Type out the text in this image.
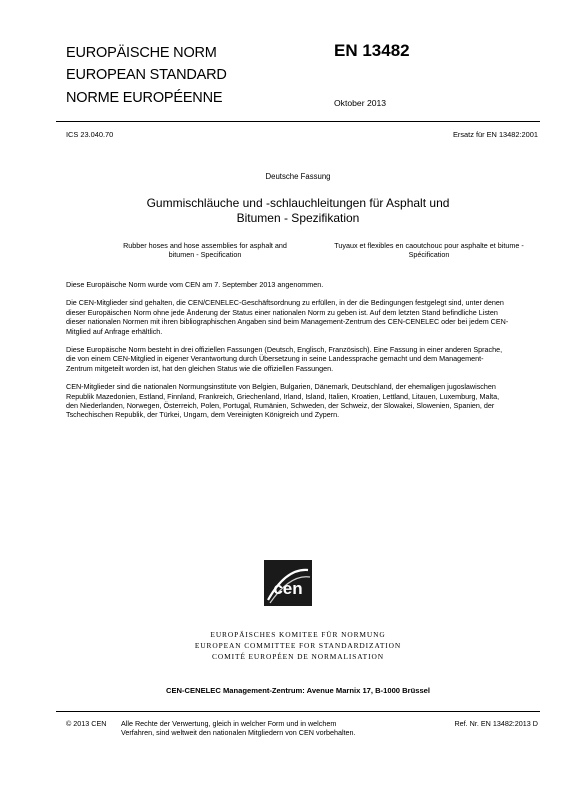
EUROPÄISCHE NORM
EUROPEAN STANDARD
NORME EUROPÉENNE
EN 13482
Oktober 2013
ICS 23.040.70	Ersatz für EN 13482:2001
Deutsche Fassung
Gummischläuche und -schlauchleitungen für Asphalt und
Bitumen - Spezifikation
Rubber hoses and hose assemblies for asphalt and
bitumen - Specification
Tuyaux et flexibles en caoutchouc pour asphalte et bitume -
Spécification
Diese Europäische Norm wurde vom CEN am 7. September 2013 angenommen.
Die CEN-Mitglieder sind gehalten, die CEN/CENELEC-Geschäftsordnung zu erfüllen, in der die Bedingungen festgelegt sind, unter denen
dieser Europäischen Norm ohne jede Änderung der Status einer nationalen Norm zu geben ist. Auf dem letzten Stand befindliche Listen
dieser nationalen Normen mit ihren bibliographischen Angaben sind beim Management-Zentrum des CEN-CENELEC oder bei jedem CEN-
Mitglied auf Anfrage erhältlich.
Diese Europäische Norm besteht in drei offiziellen Fassungen (Deutsch, Englisch, Französisch). Eine Fassung in einer anderen Sprache,
die von einem CEN-Mitglied in eigener Verantwortung durch Übersetzung in seine Landessprache gemacht und dem Management-
Zentrum mitgeteilt worden ist, hat den gleichen Status wie die offiziellen Fassungen.
CEN-Mitglieder sind die nationalen Normungsinstitute von Belgien, Bulgarien, Dänemark, Deutschland, der ehemaligen jugoslawischen
Republik Mazedonien, Estland, Finnland, Frankreich, Griechenland, Irland, Island, Italien, Kroatien, Lettland, Litauen, Luxemburg, Malta,
den Niederlanden, Norwegen, Österreich, Polen, Portugal, Rumänien, Schweden, der Schweiz, der Slowakei, Slowenien, Spanien, der
Tschechischen Republik, der Türkei, Ungarn, dem Vereinigten Königreich und Zypern.
cen
EUROPÄISCHES KOMITEE FÜR NORMUNG
EUROPEAN COMMITTEE FOR STANDARDIZATION
COMITÉ EUROPÉEN DE NORMALISATION
CEN-CENELEC Management-Zentrum: Avenue Marnix 17, B-1000 Brüssel
© 2013 CEN Alle Rechte der Verwertung, gleich in welcher Form und in welchem
Verfahren, sind weltweit den nationalen Mitgliedern von CEN vorbehalten.
Ref. Nr. EN 13482:2013 D
